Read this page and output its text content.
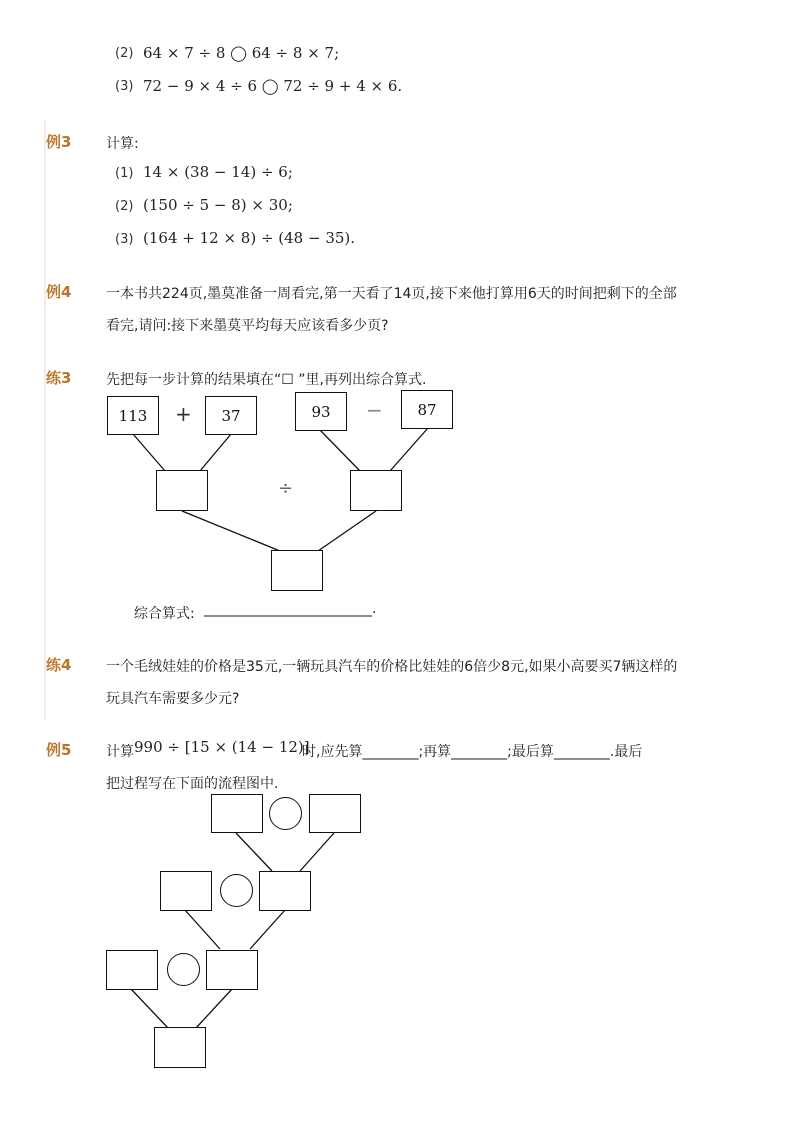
(2) 64 × 7 ÷ 8 ◯ 64 ÷ 8 × 7;
(3) 72 − 9 × 4 ÷ 6 ◯ 72 ÷ 9 + 4 × 6.
例3 计算:
(1) 14 × (38 − 14) ÷ 6;
(2) (150 ÷ 5 − 8) × 30;
(3) (164 + 12 × 8) ÷ (48 − 35).
例4 一本书共224页,墨莫准备一周看完,第一天看了14页,接下来他打算用6天的时间把剩下的全部
看完,请问:接下来墨莫平均每天应该看多少页?
练3 先把每一步计算的结果填在“☐ ”里,再列出综合算式.
113	+	37	93	−	87
÷
综合算式: ________________________.
练4 一个毛绒娃娃的价格是35元,一辆玩具汽车的价格比娃娃的6倍少8元,如果小高要买7辆这样的
玩具汽车需要多少元?
例5 计算 990 ÷ [15 × (14 − 12)]
时,应先算________;再算________;最后算________.最后
把过程写在下面的流程图中.
